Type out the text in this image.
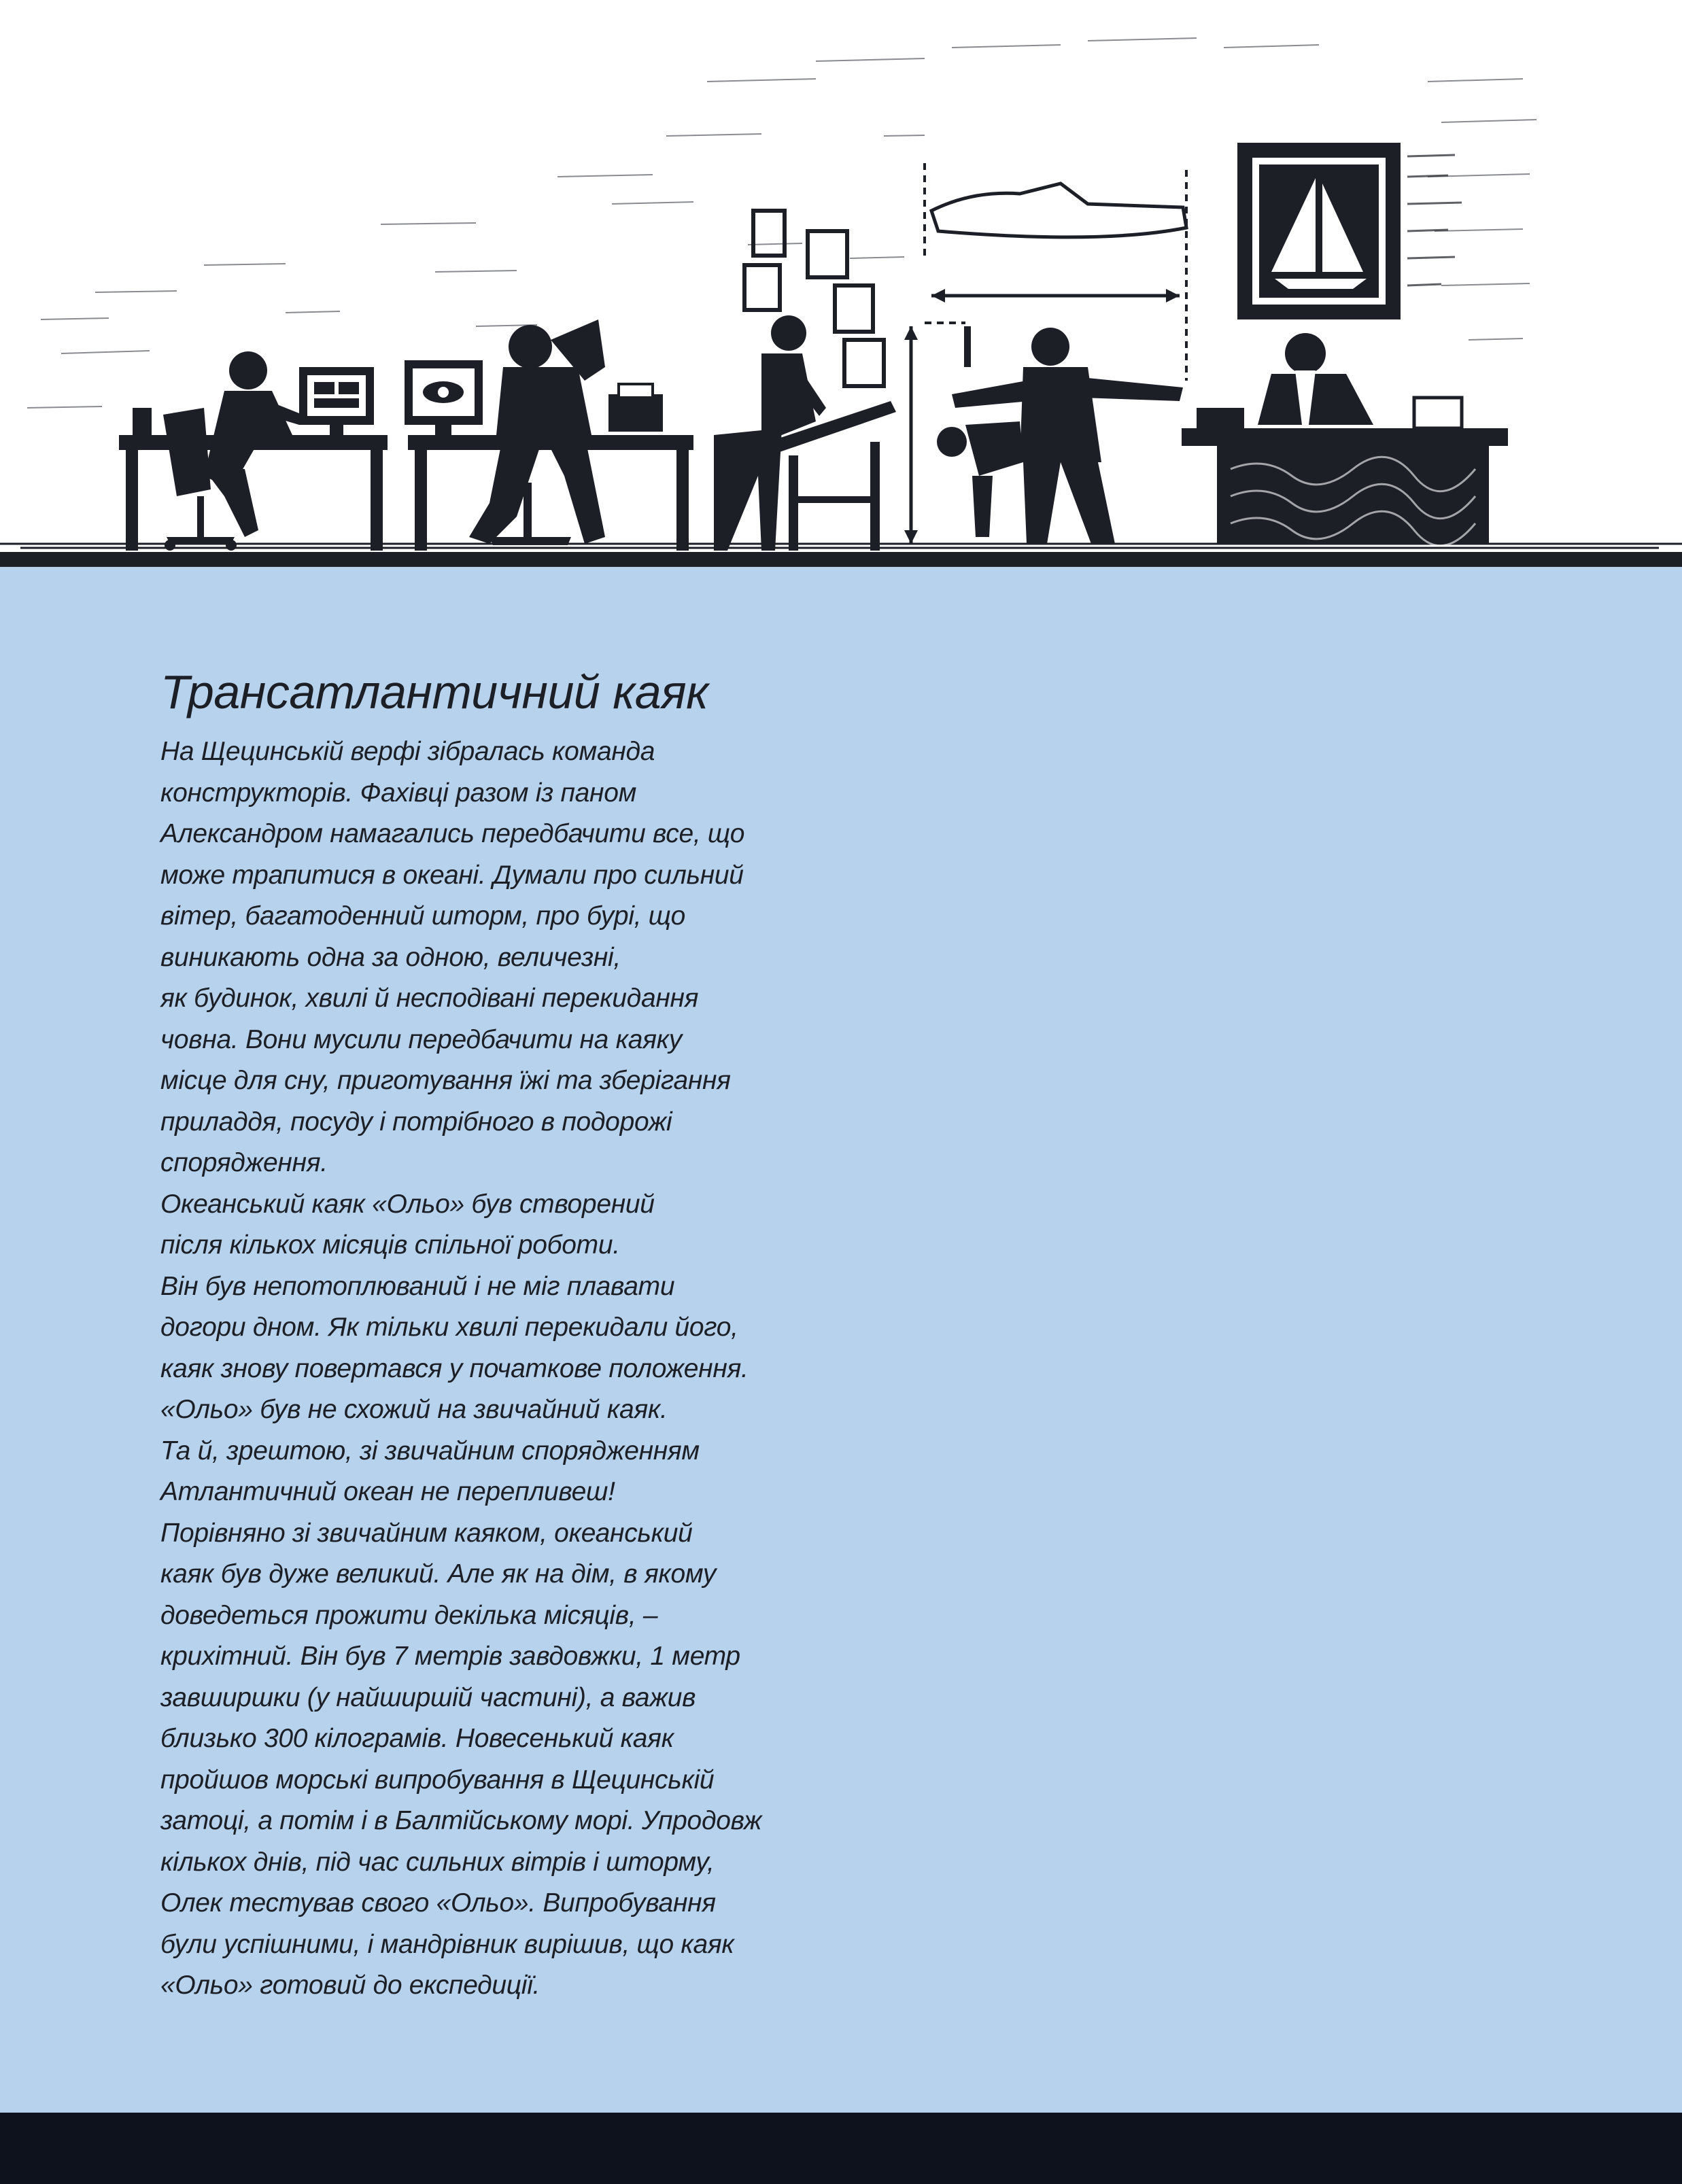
Трансатлантичний каяк
На Щецинській верфі зібралась команда
конструкторів. Фахівці разом із паном
Александром намагались передбачити все, що
може трапитися в океані. Думали про сильний
вітер, багатоденний шторм, про бурі, що
виникають одна за одною, величезні,
як будинок, хвилі й несподівані перекидання
човна. Вони мусили передбачити на каяку
місце для сну, приготування їжі та зберігання
приладдя, посуду і потрібного в подорожі
спорядження.
Океанський каяк «Ольо» був створений
після кількох місяців спільної роботи.
Він був непотоплюваний і не міг плавати
догори дном. Як тільки хвилі перекидали його,
каяк знову повертався у початкове положення.
«Ольо» був не схожий на звичайний каяк.
Та й, зрештою, зі звичайним спорядженням
Атлантичний океан не перепливеш!
Порівняно зі звичайним каяком, океанський
каяк був дуже великий. Але як на дім, в якому
доведеться прожити декілька місяців, –
крихітний. Він був 7 метрів завдовжки, 1 метр
завширшки (у найширшій частині), а важив
близько 300 кілограмів. Новесенький каяк
пройшов морські випробування в Щецинській
затоці, а потім і в Балтійському морі. Упродовж
кількох днів, під час сильних вітрів і шторму,
Олек тестував свого «Ольо». Випробування
були успішними, і мандрівник вирішив, що каяк
«Ольо» готовий до експедиції.
